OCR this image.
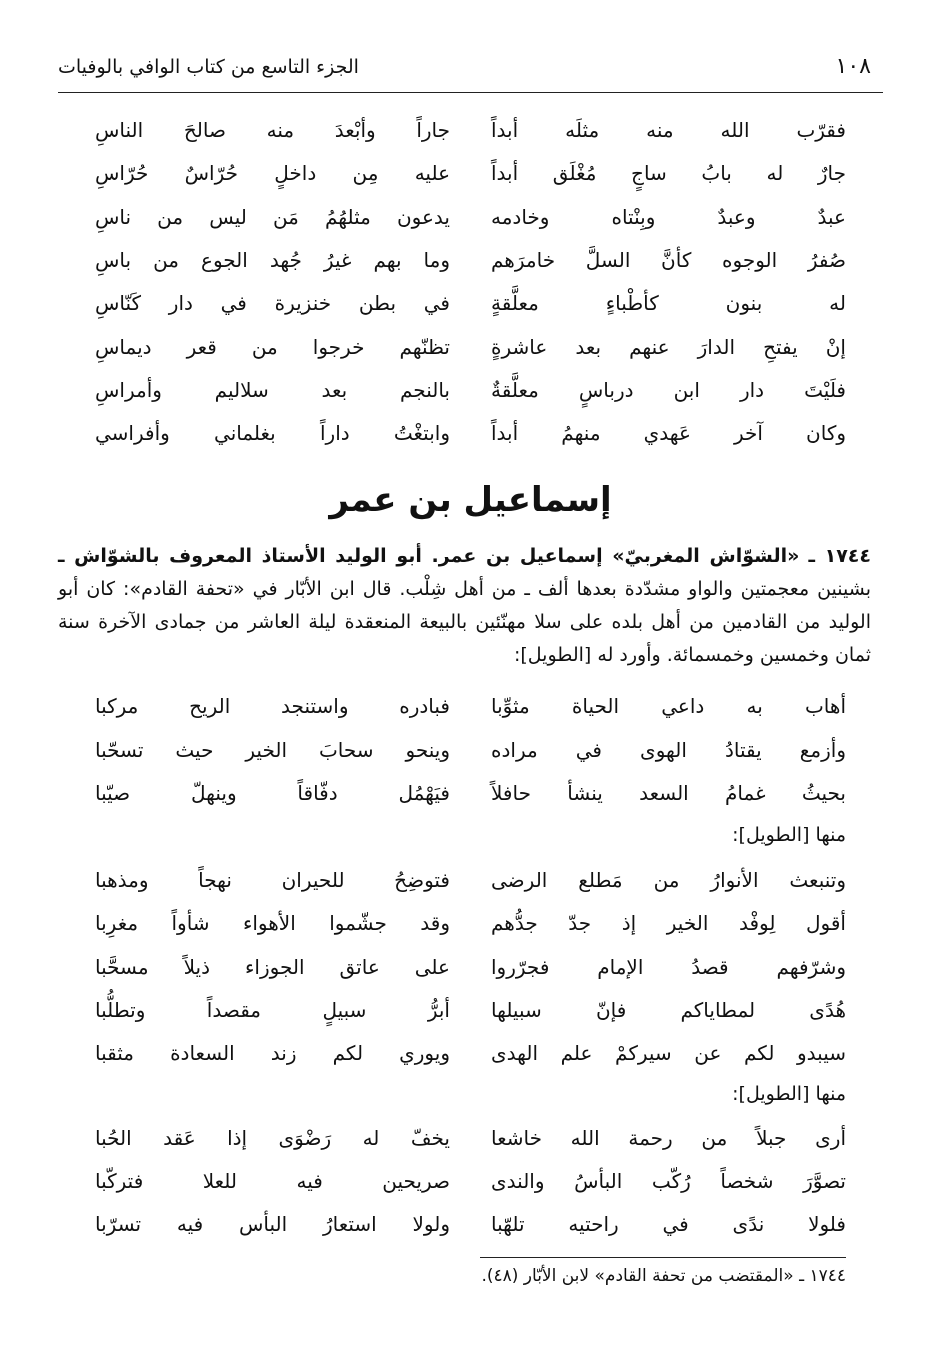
١٠٨
الجزء التاسع من كتاب الوافي بالوفيات
فقرّب الله منه مثلَه أبداً
جاراً وأبْعدَ منه صالحَ الناسِ
جارٌ له بابُ ساجٍ مُغْلَق أبداً
عليه مِن داخلٍ حُرّاسٌ حُرّاسِ
عبدٌ وعبدٌ وبِنْتاه وخادمه
يدعون مثلهُمُ مَن ليس من ناسِ
صُفرُ الوجوه كأنَّ السلَّ خامرَهم
وما بهم غيرُ جُهد الجوع من باسِ
له بنون كأطْباءٍ معلَّقةٍ
في بطن خنزيرة في دار كَنّاسِ
إنْ يفتحِ الدارَ عنهم بعد عاشرةٍ
تظنّهم خرجوا من قعر ديماسِ
فلَيْتَ دار ابن درباسٍ معلَّقةٌ
بالنجم بعد سلاليم وأمراسِ
وكان آخر عَهدي منهمُ أبداً
وابتغْتُ داراً بغلماني وأفراسي
إسماعيل بن عمر
١٧٤٤ ـ «الشوّاش المغربيّ» إسماعيل بن عمر. أبو الوليد الأستاذ المعروف بالشوّاش ـ بشينين معجمتين والواو مشدّدة بعدها ألف ـ من أهل شِلْب. قال ابن الأبّار في «تحفة القادم»: كان أبو الوليد من القادمين من أهل بلده على سلا مهنّئين بالبيعة المنعقدة ليلة العاشر من جمادى الآخرة سنة ثمان وخمسين وخمسمائة. وأورد له [الطويل]:
أهاب به داعي الحياة مثوِّبا
فبادره واستنجد الريح مركبا
وأزمع يقتادُ الهوى في مراده
وينحو سحابَ الخير حيث تسحّبا
بحيثُ غمامُ السعد ينشأ حافلاً
فيَهْمُل دفّاقاً وينهلّ صيّبا
منها [الطويل]:
وتنبعث الأنوارُ من مَطلع الرضى
فتوضِحُ للحيران نهجاً ومذهبا
أقول لِوفْد الخير إذ جدّ جدُّهم
وقد جشّموا الأهواء شأواً مغرِبا
وشرّفهم قصدُ الإمام فجرّروا
على عاتق الجوزاء ذيلاً مسحَّبا
هُدًى لمطاياكم فإنّ سبيلها
أبرُّ سبيلٍ مقصداً وتطلُّبا
سيبدو لكم عن سيركمْ علم الهدى
ويوري لكم زند السعادة مثقبا
منها [الطويل]:
أرى جبلاً من رحمة الله خاشعا
يخفّ له رَضْوَى إذا عَقد الحُبا
تصوَّرَ شخصاً رُكّب البأسُ والندى
صريحين فيه للعلا فتركّبا
فلولا ندًى في راحتيه تلهّبا
ولولا استعارُ البأس فيه تسرّبا
١٧٤٤ ـ «المقتضب من تحفة القادم» لابن الأبّار (٤٨).
